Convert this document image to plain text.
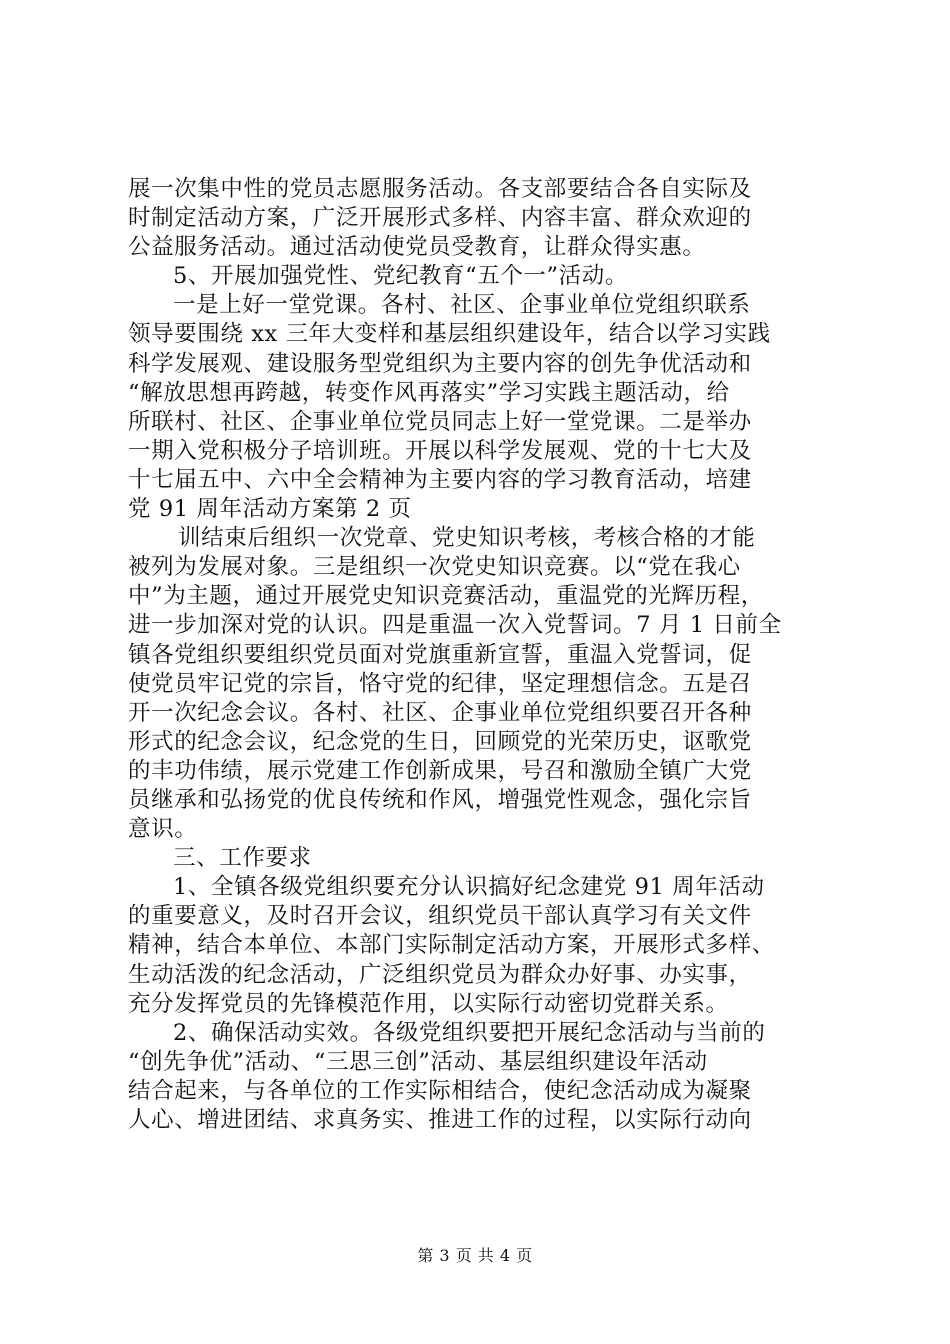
展一次集中性的党员志愿服务活动。各支部要结合各自实际及
时制定活动方案，广泛开展形式多样、内容丰富、群众欢迎的
公益服务活动。通过活动使党员受教育，让群众得实惠。
5、开展加强党性、党纪教育“五个一”活动。
一是上好一堂党课。各村、社区、企事业单位党组织联系
领导要围绕 xx 三年大变样和基层组织建设年，结合以学习实践
科学发展观、建设服务型党组织为主要内容的创先争优活动和
“解放思想再跨越，转变作风再落实”学习实践主题活动，给
所联村、社区、企事业单位党员同志上好一堂党课。二是举办
一期入党积极分子培训班。开展以科学发展观、党的十七大及
十七届五中、六中全会精神为主要内容的学习教育活动，培建
党 91 周年活动方案第 2 页
训结束后组织一次党章、党史知识考核，考核合格的才能
被列为发展对象。三是组织一次党史知识竞赛。以“党在我心
中”为主题，通过开展党史知识竞赛活动，重温党的光辉历程，
进一步加深对党的认识。四是重温一次入党誓词。7 月 1 日前全
镇各党组织要组织党员面对党旗重新宣誓，重温入党誓词，促
使党员牢记党的宗旨，恪守党的纪律，坚定理想信念。五是召
开一次纪念会议。各村、社区、企事业单位党组织要召开各种
形式的纪念会议，纪念党的生日，回顾党的光荣历史，讴歌党
的丰功伟绩，展示党建工作创新成果，号召和激励全镇广大党
员继承和弘扬党的优良传统和作风，增强党性观念，强化宗旨
意识。
三、工作要求
1、全镇各级党组织要充分认识搞好纪念建党 91 周年活动
的重要意义，及时召开会议，组织党员干部认真学习有关文件
精神，结合本单位、本部门实际制定活动方案，开展形式多样、
生动活泼的纪念活动，广泛组织党员为群众办好事、办实事，
充分发挥党员的先锋模范作用，以实际行动密切党群关系。
2、确保活动实效。各级党组织要把开展纪念活动与当前的
“创先争优”活动、“三思三创”活动、基层组织建设年活动
结合起来，与各单位的工作实际相结合，使纪念活动成为凝聚
人心、增进团结、求真务实、推进工作的过程，以实际行动向
第 3 页 共 4 页
